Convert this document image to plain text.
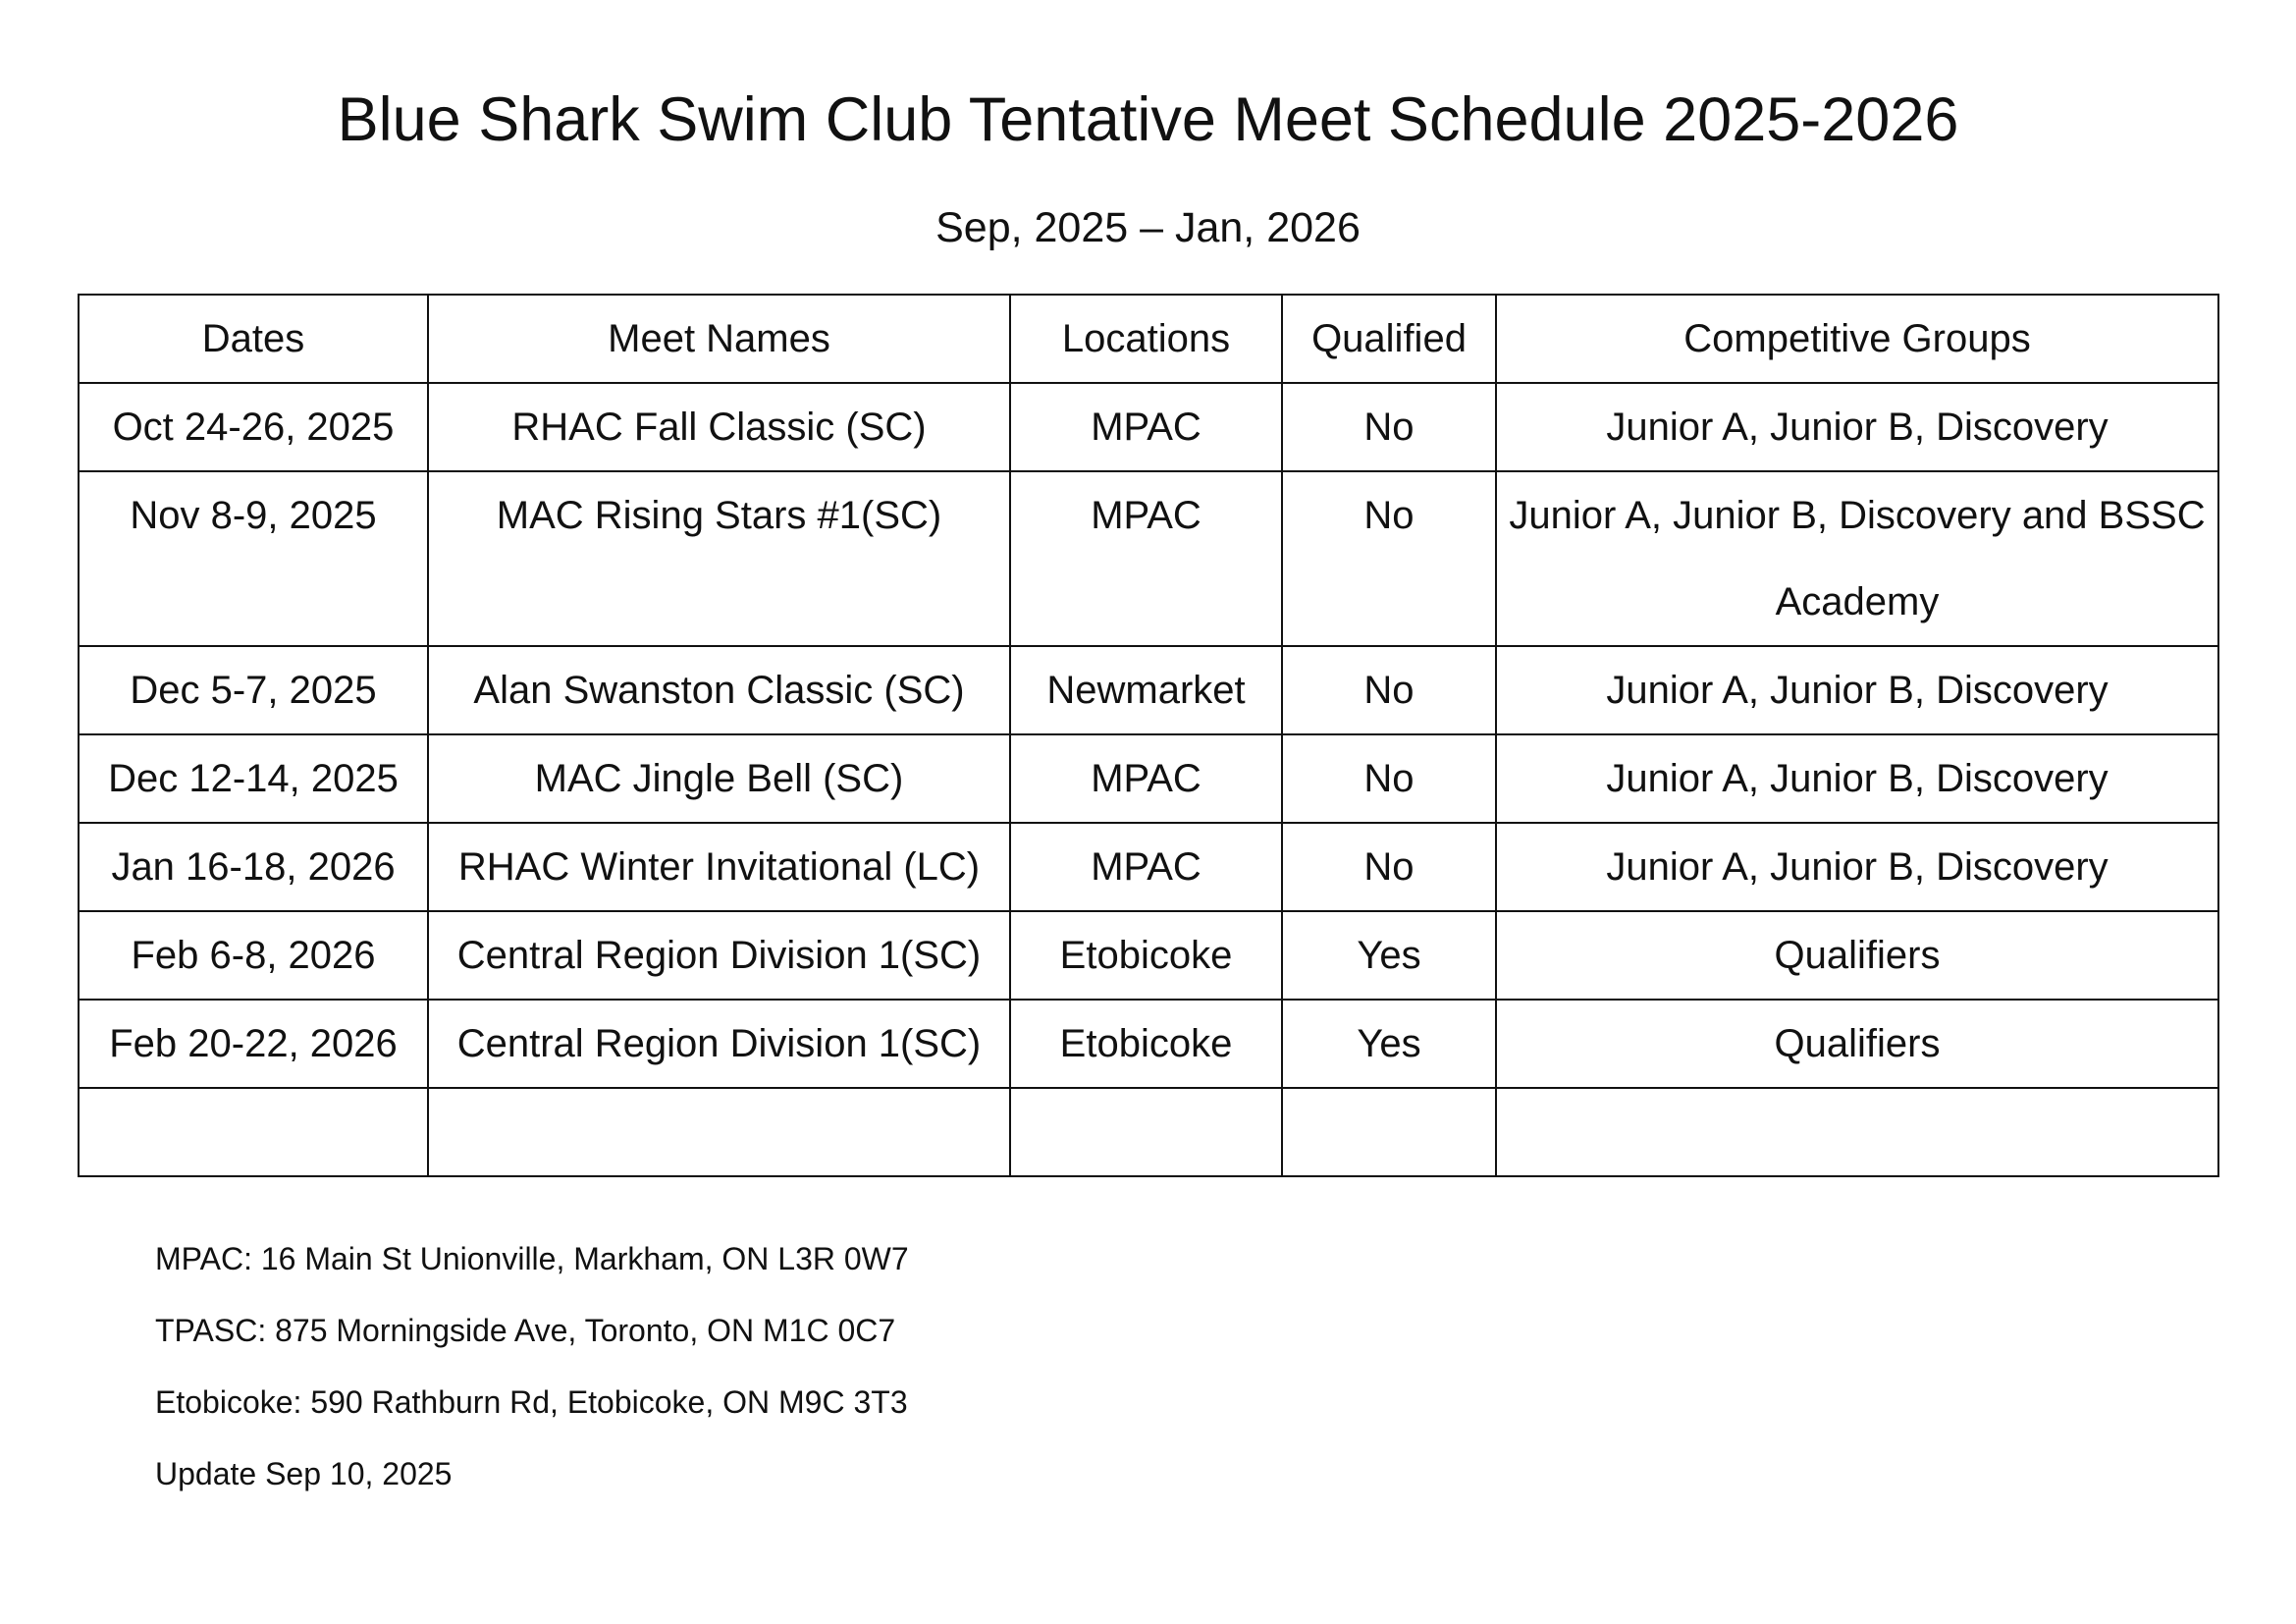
Blue Shark Swim Club Tentative Meet Schedule 2025-2026
Sep, 2025 – Jan, 2026
Dates	Meet Names	Locations	Qualified	Competitive Groups
Oct 24-26, 2025	RHAC Fall Classic (SC)	MPAC	No	Junior A, Junior B, Discovery
Nov 8-9, 2025	MAC Rising Stars #1(SC)	MPAC	No	Junior A, Junior B, Discovery and BSSC Academy
Dec 5-7, 2025	Alan Swanston Classic (SC)	Newmarket	No	Junior A, Junior B, Discovery
Dec 12-14, 2025	MAC Jingle Bell (SC)	MPAC	No	Junior A, Junior B, Discovery
Jan 16-18, 2026	RHAC Winter Invitational (LC)	MPAC	No	Junior A, Junior B, Discovery
Feb 6-8, 2026	Central Region Division 1(SC)	Etobicoke	Yes	Qualifiers
Feb 20-22, 2026	Central Region Division 1(SC)	Etobicoke	Yes	Qualifiers

MPAC: 16 Main St Unionville, Markham, ON L3R 0W7
TPASC: 875 Morningside Ave, Toronto, ON M1C 0C7
Etobicoke: 590 Rathburn Rd, Etobicoke, ON M9C 3T3
Update Sep 10, 2025
